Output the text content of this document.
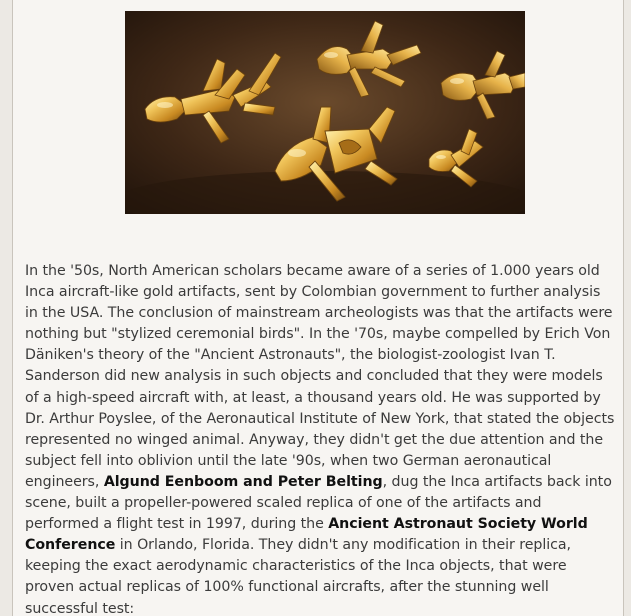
In the '50s, North American scholars became aware of a series of 1.000 years old Inca aircraft-like gold artifacts, sent by Colombian government to further analysis in the USA. The conclusion of mainstream archeologists was that the artifacts were nothing but "stylized ceremonial birds". In the '70s, maybe compelled by Erich Von Däniken's theory of the "Ancient Astronauts", the biologist-zoologist Ivan T. Sanderson did new analysis in such objects and concluded that they were models of a high-speed aircraft with, at least, a thousand years old. He was supported by Dr. Arthur Poyslee, of the Aeronautical Institute of New York, that stated the objects represented no winged animal. Anyway, they didn't get the due attention and the subject fell into oblivion until the late '90s, when two German aeronautical engineers, Algund Eenboom and Peter Belting, dug the Inca artifacts back into scene, built a propeller-powered scaled replica of one of the artifacts and performed a flight test in 1997, during the Ancient Astronaut Society World Conference in Orlando, Florida. They didn't any modification in their replica, keeping the exact aerodynamic characteristics of the Inca objects, that were proven actual replicas of 100% functional aircrafts, after the stunning well successful test:
